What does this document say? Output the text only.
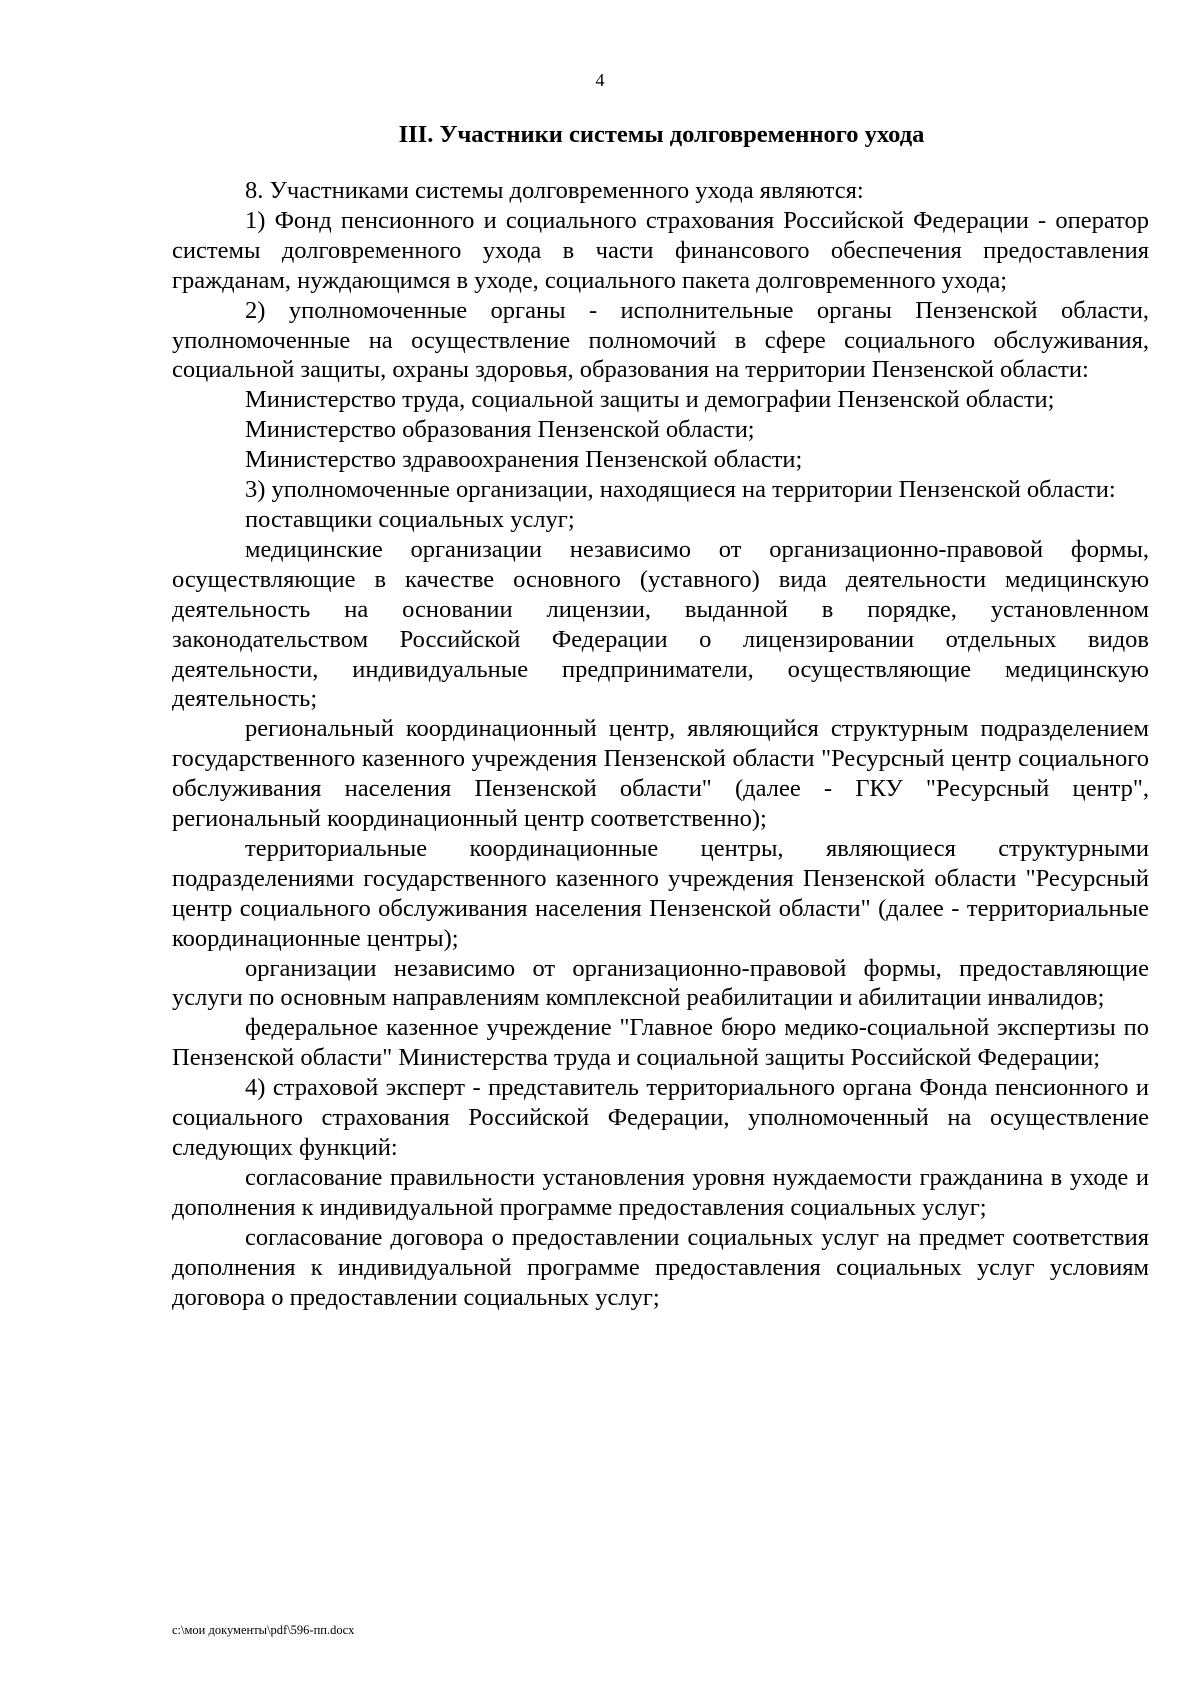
4
III. Участники системы долговременного ухода

8. Участниками системы долговременного ухода являются:

1) Фонд пенсионного и социального страхования Российской Федерации - оператор системы долговременного ухода в части финансового обеспечения предоставления гражданам, нуждающимся в уходе, социального пакета долговременного ухода;

2) уполномоченные органы - исполнительные органы Пензенской области, уполномоченные на осуществление полномочий в сфере социального обслуживания, социальной защиты, охраны здоровья, образования на территории Пензенской области:

Министерство труда, социальной защиты и демографии Пензенской области;

Министерство образования Пензенской области;

Министерство здравоохранения Пензенской области;

3) уполномоченные организации, находящиеся на территории Пензенской области:

поставщики социальных услуг;

медицинские организации независимо от организационно-правовой формы, осуществляющие в качестве основного (уставного) вида деятельности медицинскую деятельность на основании лицензии, выданной в порядке, установленном законодательством Российской Федерации о лицензировании отдельных видов деятельности, индивидуальные предприниматели, осуществляющие медицинскую деятельность;

региональный координационный центр, являющийся структурным подразделением государственного казенного учреждения Пензенской области "Ресурсный центр социального обслуживания населения Пензенской области" (далее - ГКУ "Ресурсный центр", региональный координационный центр соответственно);

территориальные координационные центры, являющиеся структурными подразделениями государственного казенного учреждения Пензенской области "Ресурсный центр социального обслуживания населения Пензенской области" (далее - территориальные координационные центры);

организации независимо от организационно-правовой формы, предоставляющие услуги по основным направлениям комплексной реабилитации и абилитации инвалидов;

федеральное казенное учреждение "Главное бюро медико-социальной экспертизы по Пензенской области" Министерства труда и социальной защиты Российской Федерации;

4) страховой эксперт - представитель территориального органа Фонда пенсионного и социального страхования Российской Федерации, уполномоченный на осуществление следующих функций:

согласование правильности установления уровня нуждаемости гражданина в уходе и дополнения к индивидуальной программе предоставления социальных услуг;

согласование договора о предоставлении социальных услуг на предмет соответствия дополнения к индивидуальной программе предоставления социальных услуг условиям договора о предоставлении социальных услуг;

c:\мои документы\pdf\596-пп.docx
